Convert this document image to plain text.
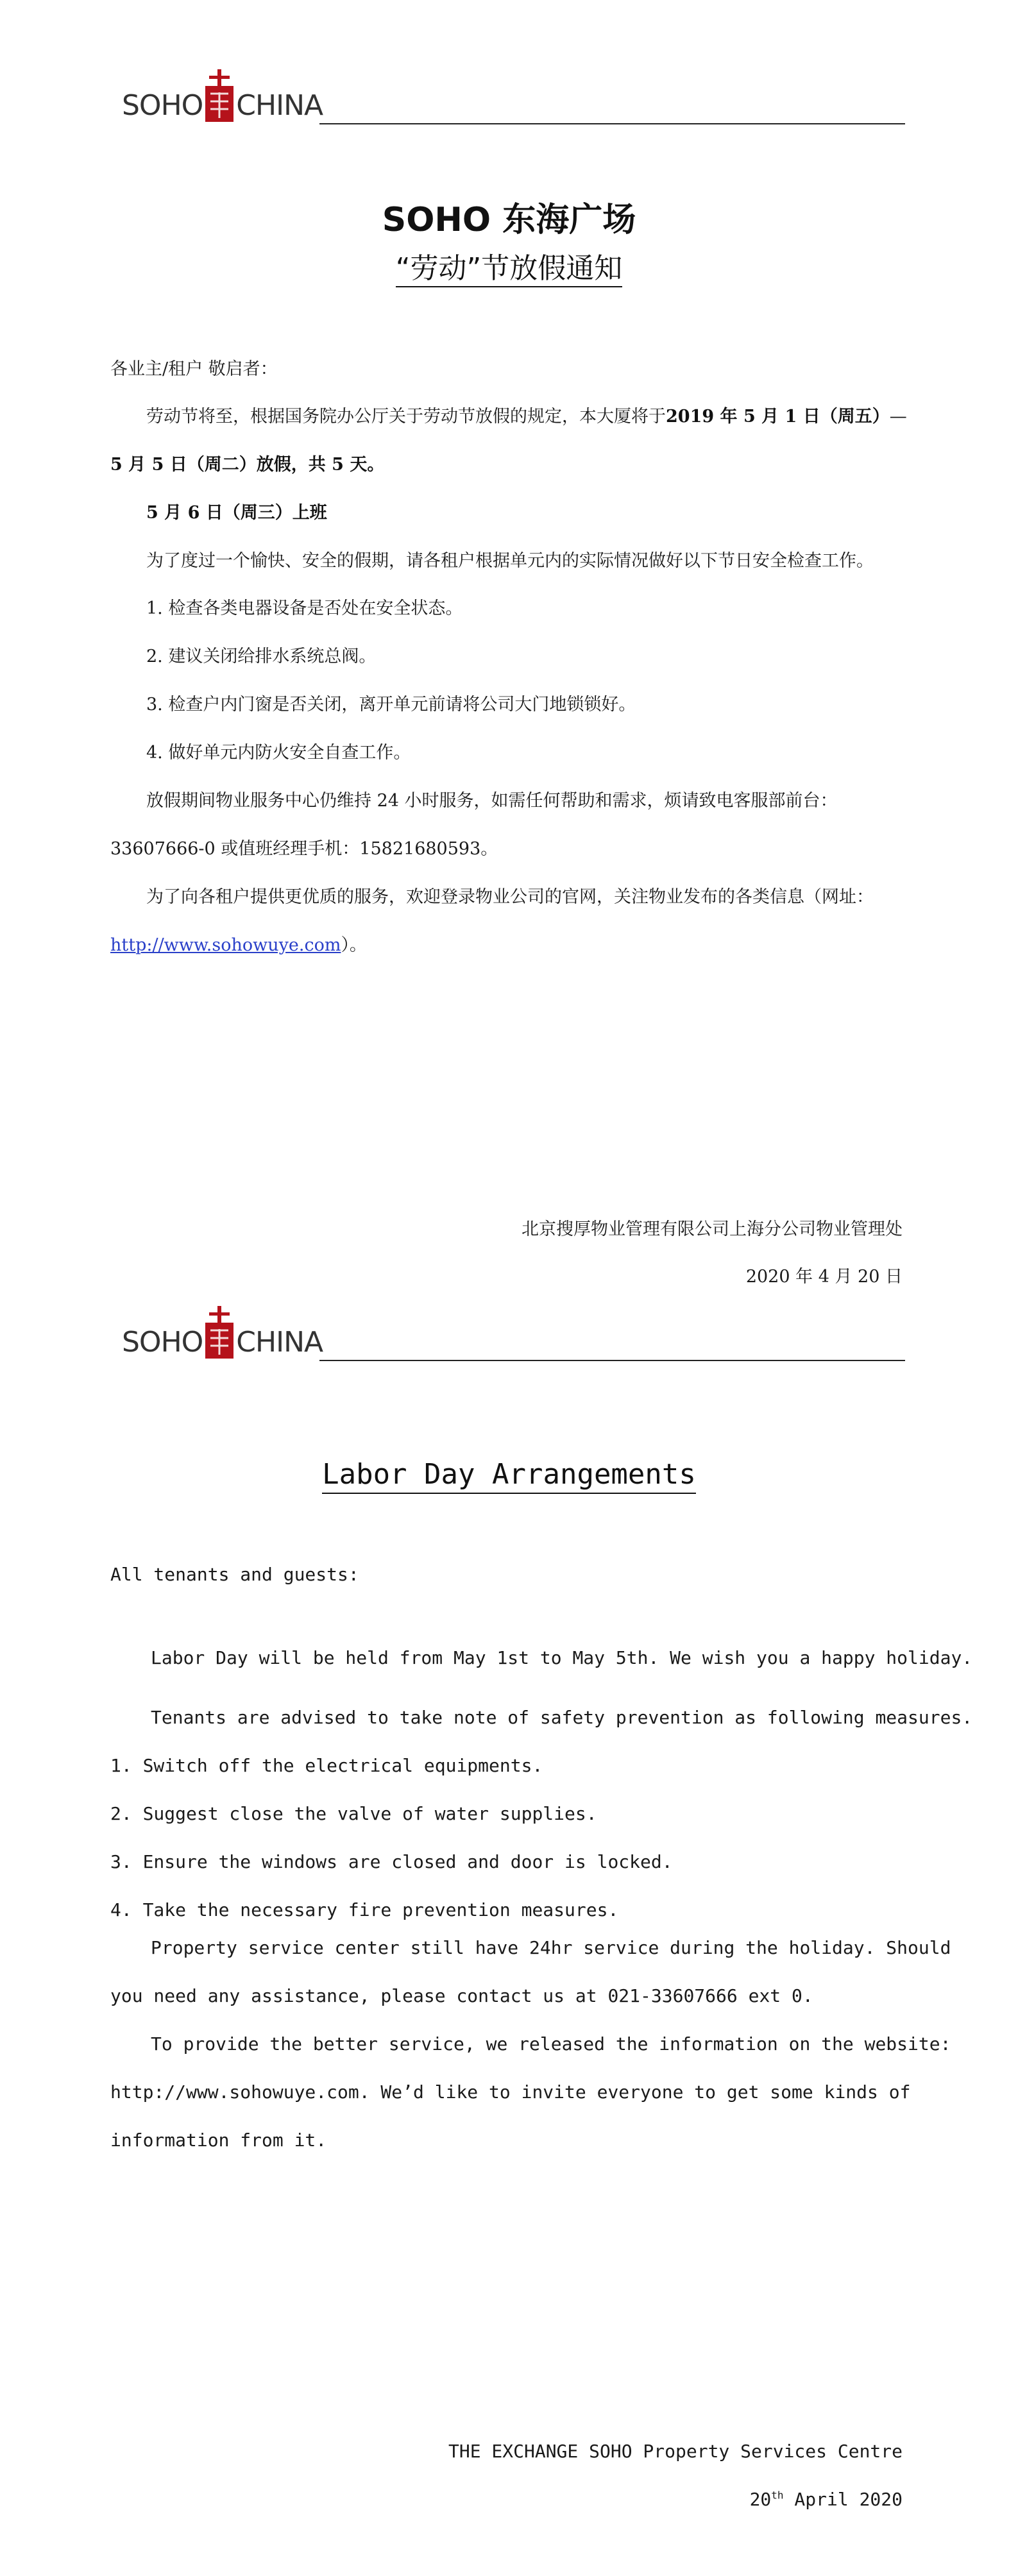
SOHO CHINA
SOHO 东海广场
“劳动”节放假通知
各业主/租户 敬启者：
劳动节将至，根据国务院办公厅关于劳动节放假的规定，本大厦将于2019 年 5 月 1 日（周五）—
5 月 5 日（周二）放假，共 5 天。
5 月 6 日（周三）上班
为了度过一个愉快、安全的假期，请各租户根据单元内的实际情况做好以下节日安全检查工作。
1. 检查各类电器设备是否处在安全状态。
2. 建议关闭给排水系统总阀。
3. 检查户内门窗是否关闭，离开单元前请将公司大门地锁锁好。
4. 做好单元内防火安全自查工作。
放假期间物业服务中心仍维持 24 小时服务，如需任何帮助和需求，烦请致电客服部前台：
33607666-0 或值班经理手机：15821680593。
为了向各租户提供更优质的服务，欢迎登录物业公司的官网，关注物业发布的各类信息（网址：
http://www.sohowuye.com）。
北京搜厚物业管理有限公司上海分公司物业管理处
2020 年 4 月 20 日
SOHO CHINA
Labor Day Arrangements
All tenants and guests:
Labor Day will be held from May 1st to May 5th. We wish you a happy holiday.
Tenants are advised to take note of safety prevention as following measures.
1. Switch off the electrical equipments.
2. Suggest close the valve of water supplies.
3. Ensure the windows are closed and door is locked.
4. Take the necessary fire prevention measures.
Property service center still have 24hr service during the holiday. Should
you need any assistance, please contact us at 021-33607666 ext 0.
To provide the better service, we released the information on the website:
http://www.sohowuye.com. We’d like to invite everyone to get some kinds of
information from it.
THE EXCHANGE SOHO Property Services Centre
20th April 2020
